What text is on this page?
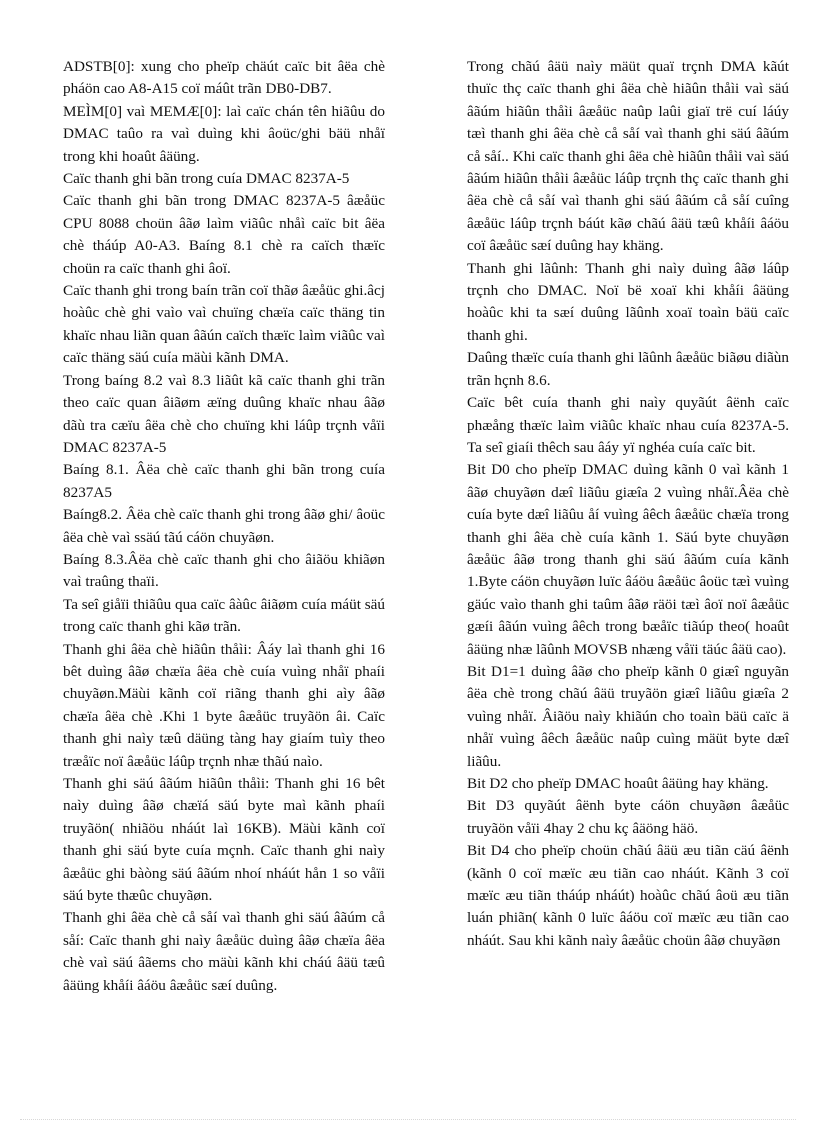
ADSTB[0]: xung cho pheïp chäút caïc bit âëa chè pháön cao A8-A15 coï máût trãn DB0-DB7.

MEÌM[0] vaì MEMÆ[0]: laì caïc chán tên hiãûu do DMAC taûo ra vaì duìng khi âoüc/ghi bäü nhåï trong khi hoaût âäüng.

Caïc thanh ghi bãn trong cuía DMAC 8237A-5

Caïc thanh ghi bãn trong DMAC 8237A-5 âæåüc CPU 8088 choün âãø laìm viãûc nhåì caïc bit âëa chè tháúp A0-A3. Baíng 8.1 chè ra caïch thæïc choün ra caïc thanh ghi âoï.

Caïc thanh ghi trong baín trãn coï thãø âæåüc ghi.âcj hoàûc chè ghi vaìo vaì chuïng chæïa caïc thäng tin khaïc nhau liãn quan âãún caïch thæïc laìm viãûc vaì caïc thäng säú cuía mäùi kãnh DMA.

Trong baíng 8.2 vaì 8.3 liãût kã caïc thanh ghi trãn theo caïc quan âiãøm æïng duûng khaïc nhau âãø dãù tra cæïu âëa chè cho chuïng khi láûp trçnh våïi DMAC 8237A-5

Baíng 8.1. Âëa chè caïc thanh ghi bãn trong cuía 8237A5

Baíng8.2. Âëa chè caïc thanh ghi trong âãø ghi/ âoüc âëa chè vaì ssäú tãú cáön chuyãøn.

Baíng 8.3.Âëa chè caïc thanh ghi cho âiãöu khiãøn vaì traûng thaïi.

Ta seî giåïi thiãûu qua caïc âàûc âiãøm cuía máüt säú trong caïc thanh ghi kãø trãn.

Thanh ghi âëa chè hiãûn thåìi: Âáy laì thanh ghi 16 bêt duìng âãø chæïa âëa chè cuía vuìng nhåï phaíi chuyãøn.Mäùi kãnh coï riãng thanh ghi aìy âãø chæïa âëa chè .Khi 1 byte âæåüc truyãön âi. Caïc thanh ghi naìy tæû däüng tàng hay giaím tuìy theo træåïc noï âæåüc láûp trçnh nhæ thãú naìo.

Thanh ghi säú âãúm hiãûn thåìi: Thanh ghi 16 bêt naìy duìng âãø chæïá säú byte maì kãnh phaíi truyãön( nhiãöu nháút laì 16KB). Mäùi kãnh coï thanh ghi säú byte cuía mçnh. Caïc thanh ghi naìy âæåüc ghi bàòng säú âãúm nhoí nháút hån 1 so våïi säú byte thæûc chuyãøn.

Thanh ghi âëa chè cå såí vaì thanh ghi säú âãúm cå såí: Caïc thanh ghi naìy âæåüc duìng âãø chæïa âëa chè vaì säú âãems cho mäùi kãnh khi cháú âäü tæû âäüng khåíi âáöu âæåüc sæí duûng.

Trong chãú âäü naìy mäüt quaï trçnh DMA kãút thuïc thç caïc thanh ghi âëa chè hiãûn thåìi vaì säú âãúm hiãûn thåìi âæåüc naûp laûi giaï trë cuí láúy tæì thanh ghi âëa chè cå såí vaì thanh ghi säú âãúm cå såí.. Khi caïc thanh ghi âëa chè hiãûn thåìi vaì säú âãúm hiãûn thåìi âæåüc láûp trçnh thç caïc thanh ghi âëa chè cå såí vaì thanh ghi säú âãúm cå såí cuîng âæåüc láûp trçnh báút kãø chãú âäü tæû khåíi âáöu coï âæåüc sæí duûng hay khäng.

Thanh ghi lãûnh: Thanh ghi naìy duìng âãø láûp trçnh cho DMAC. Noï bë xoaï khi khåíi âäüng hoàûc khi ta sæí duûng lãûnh xoaï toaìn bäü caïc thanh ghi.

Daûng thæïc cuía thanh ghi lãûnh âæåüc biãøu diãùn trãn hçnh 8.6.

Caïc bêt cuía thanh ghi naìy quyãút âënh caïc phæång thæïc laìm viãûc khaïc nhau cuía 8237A-5. Ta seî giaíi thêch sau âáy yï nghéa cuía caïc bit.

Bit D0 cho pheïp DMAC duìng kãnh 0 vaì kãnh 1 âãø chuyãøn dæî liãûu giæîa 2 vuìng nhåï.Âëa chè cuía byte dæî liãûu åí vuìng âêch âæåüc chæïa trong thanh ghi âëa chè cuía kãnh 1. Säú byte chuyãøn âæåüc âãø trong thanh ghi säú âãúm cuía kãnh 1.Byte cáön chuyãøn luïc âáöu âæåüc âoüc tæì vuìng gäúc vaìo thanh ghi taûm âãø räöi tæì âoï noï âæåüc gæíi âãún vuìng âêch trong bæåïc tiãúp theo( hoaût âäüng nhæ lãûnh MOVSB nhæng våïi täúc âäü cao).

Bit D1=1 duìng âãø cho pheïp kãnh 0 giæî nguyãn âëa chè trong chãú âäü truyãön giæî liãûu giæîa 2 vuìng nhåï. Âiãöu naìy khiãún cho toaìn bäü caïc ä nhåï vuìng âêch âæåüc naûp cuìng mäüt byte dæî liãûu.

Bit D2 cho pheïp DMAC hoaût âäüng hay khäng.

Bit D3 quyãút âënh byte cáön chuyãøn âæåüc truyãön våïi 4hay 2 chu kç âäöng häö.

Bit D4 cho pheïp choün chãú âäü æu tiãn cäú âënh (kãnh 0 coï mæïc æu tiãn cao nháút. Kãnh 3 coï mæïc æu tiãn tháúp nháút) hoàûc chãú âoü æu tiãn luán phiãn( kãnh 0 luïc âáöu coï mæïc æu tiãn cao nháút. Sau khi kãnh naìy âæåüc choün âãø chuyãøn
